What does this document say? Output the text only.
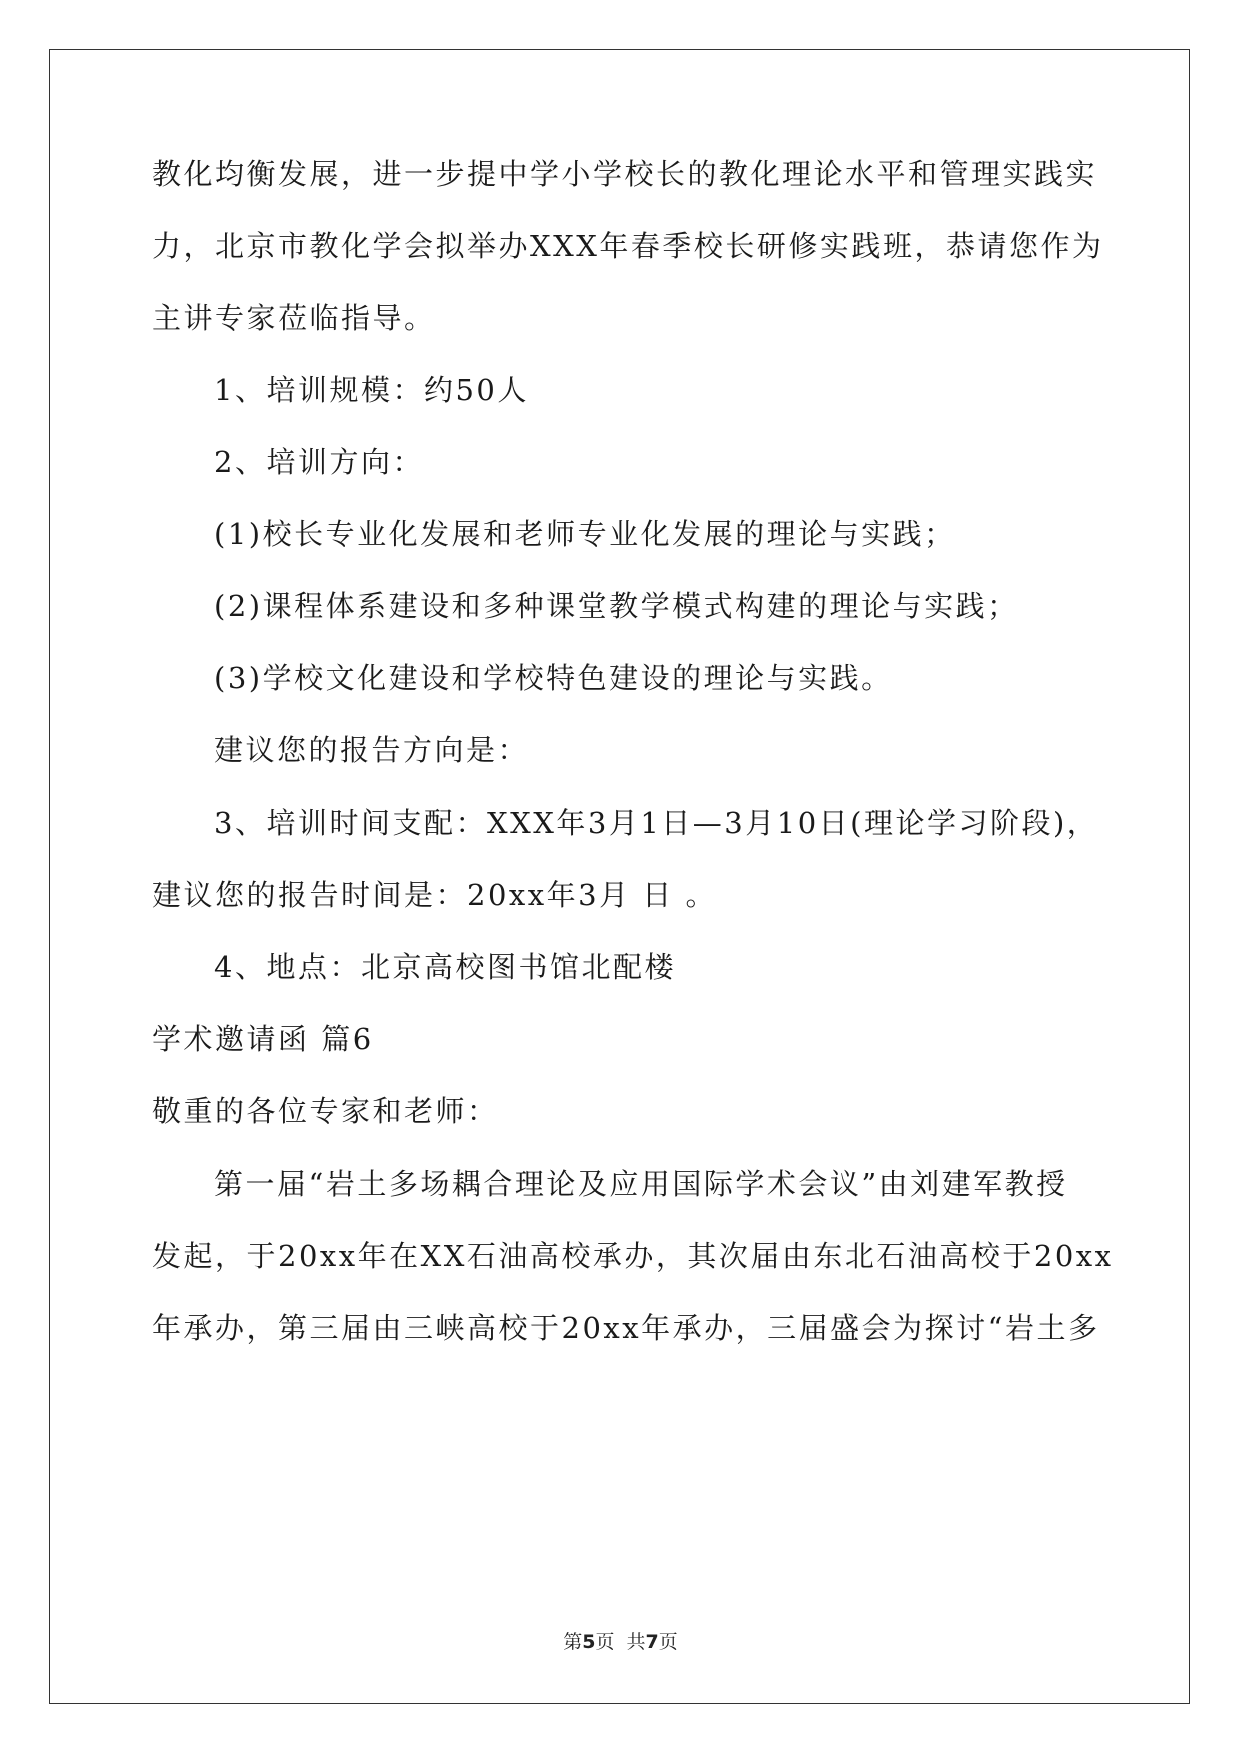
教化均衡发展，进一步提中学小学校长的教化理论水平和管理实践实
力，北京市教化学会拟举办XXX年春季校长研修实践班，恭请您作为
主讲专家莅临指导。
1、培训规模：约50人
2、培训方向：
(1)校长专业化发展和老师专业化发展的理论与实践；
(2)课程体系建设和多种课堂教学模式构建的理论与实践；
(3)学校文化建设和学校特色建设的理论与实践。
建议您的报告方向是：
3、培训时间支配：XXX年3月1日—3月10日(理论学习阶段)，
建议您的报告时间是：20xx年3月 日 。
4、地点：北京高校图书馆北配楼
学术邀请函 篇6
敬重的各位专家和老师：
第一届“岩土多场耦合理论及应用国际学术会议”由刘建军教授
发起，于20xx年在XX石油高校承办，其次届由东北石油高校于20xx
年承办，第三届由三峡高校于20xx年承办，三届盛会为探讨“岩土多
第5页  共7页
